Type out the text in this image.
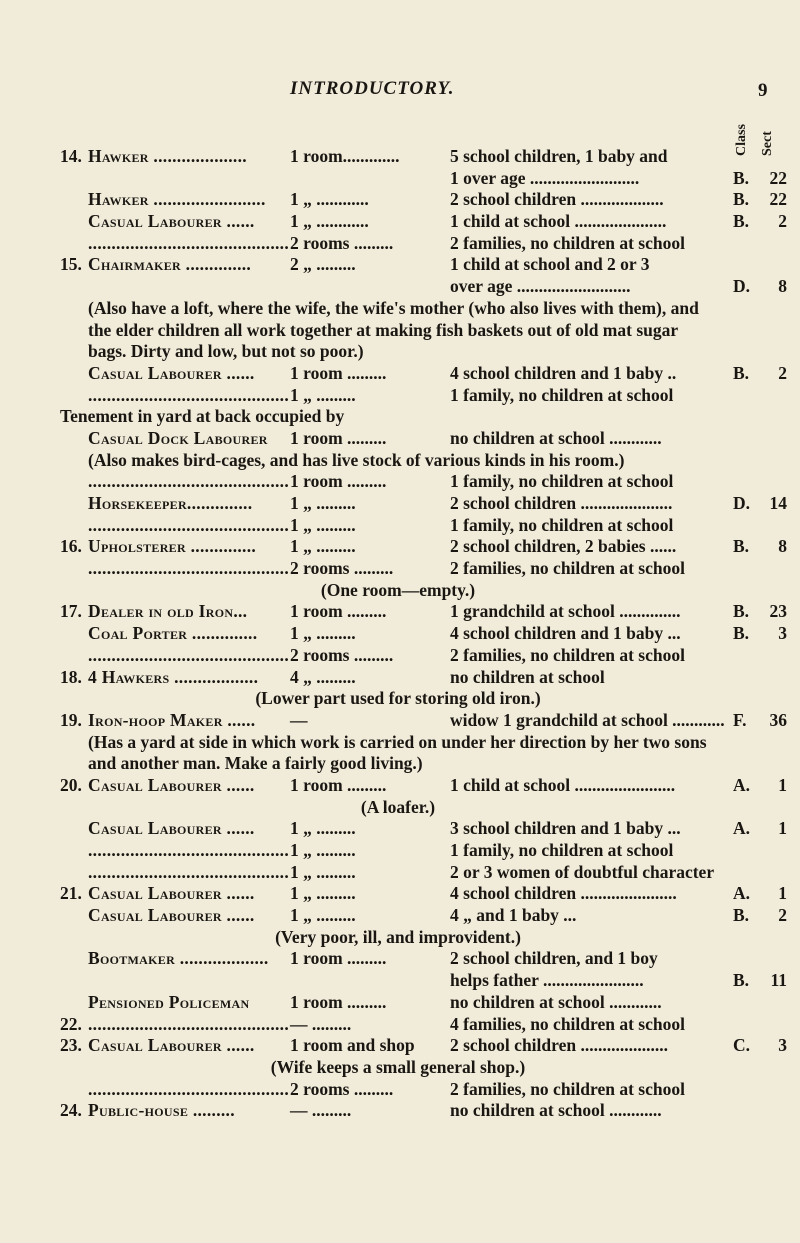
INTRODUCTORY.	9
Class Sect
14. Hawker .................... 1 room.............	5 school children, 1 baby and
1 over age .........................	B.	22
Hawker ........................ 1 „ ............	2 school children ...................	B.	22
Casual Labourer ...... 1 „ ............	1 child at school .....................	B.	2
........................................... 2 rooms .........	2 families, no children at school
15. Chairmaker .............. 2 „ .........	1 child at school and 2 or 3
over age ..........................	D.	8
(Also have a loft, where the wife, the wife's mother (who also lives with them), and the elder children all work together at making fish baskets out of old mat sugar bags. Dirty and low, but not so poor.)
Casual Labourer ...... 1 room .........	4 school children and 1 baby ..	B.	2
........................................... 1 „ .........	1 family, no children at school
Tenement in yard at back occupied by
Casual Dock Labourer 1 room .........	no children at school ............
(Also makes bird-cages, and has live stock of various kinds in his room.)
........................................... 1 room .........	1 family, no children at school
Horsekeeper.............. 1 „ .........	2 school children .....................	D.	14
........................................... 1 „ .........	1 family, no children at school
16. Upholsterer .............. 1 „ .........	2 school children, 2 babies ......	B.	8
........................................... 2 rooms .........	2 families, no children at school
(One room—empty.)
17. Dealer in old Iron... 1 room .........	1 grandchild at school ..............	B.	23
Coal Porter .............. 1 „ .........	4 school children and 1 baby ...	B.	3
........................................... 2 rooms .........	2 families, no children at school
18. 4 Hawkers .................. 4 „ .........	no children at school
(Lower part used for storing old iron.)
19. Iron-hoop Maker ...... —	widow 1 grandchild at school ............ F.	36
(Has a yard at side in which work is carried on under her direction by her two sons and another man. Make a fairly good living.)
20. Casual Labourer ...... 1 room .........	1 child at school .......................	A.	1
(A loafer.)
Casual Labourer ...... 1 „ .........	3 school children and 1 baby ...	A.	1
........................................... 1 „ .........	1 family, no children at school
........................................... 1 „ .........	2 or 3 women of doubtful character
21. Casual Labourer ...... 1 „ .........	4 school children ......................	A.	1
Casual Labourer ...... 1 „ .........	4 „ and 1 baby ...	B.	2
(Very poor, ill, and improvident.)
Bootmaker ................... 1 room .........	2 school children, and 1 boy
helps father .......................	B.	11
Pensioned Policeman 1 room .........	no children at school ............
22. ........................................... — .........	4 families, no children at school
23. Casual Labourer ...... 1 room and shop 2 school children ....................	C.	3
(Wife keeps a small general shop.)
........................................... 2 rooms .........	2 families, no children at school
24. Public-house .........	— .........	no children at school ............
